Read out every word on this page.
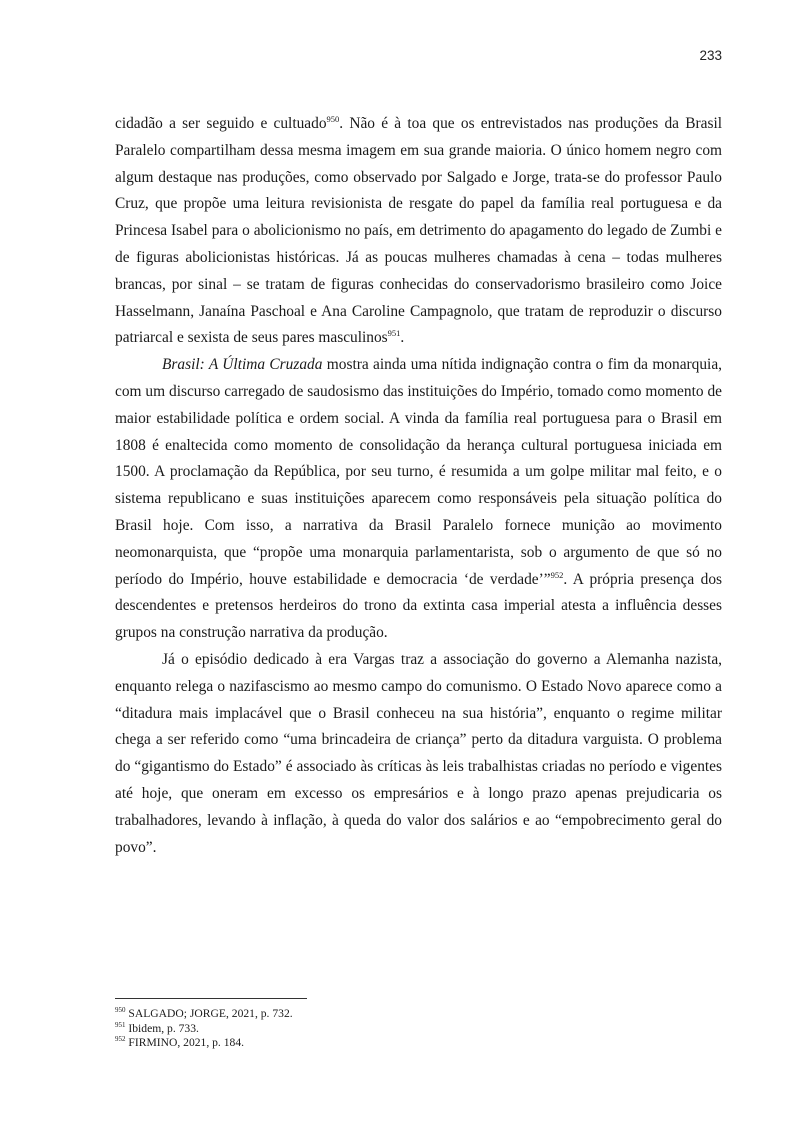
233

cidadão a ser seguido e cultuado$^{950}$. Não é à toa que os entrevistados nas produções da Brasil Paralelo compartilham dessa mesma imagem em sua grande maioria. O único homem negro com algum destaque nas produções, como observado por Salgado e Jorge, trata-se do professor Paulo Cruz, que propõe uma leitura revisionista de resgate do papel da família real portuguesa e da Princesa Isabel para o abolicionismo no país, em detrimento do apagamento do legado de Zumbi e de figuras abolicionistas históricas. Já as poucas mulheres chamadas à cena – todas mulheres brancas, por sinal – se tratam de figuras conhecidas do conservadorismo brasileiro como Joice Hasselmann, Janaína Paschoal e Ana Caroline Campagnolo, que tratam de reproduzir o discurso patriarcal e sexista de seus pares masculinos$^{951}$.

Brasil: A Última Cruzada mostra ainda uma nítida indignação contra o fim da monarquia, com um discurso carregado de saudosismo das instituições do Império, tomado como momento de maior estabilidade política e ordem social. A vinda da família real portuguesa para o Brasil em 1808 é enaltecida como momento de consolidação da herança cultural portuguesa iniciada em 1500. A proclamação da República, por seu turno, é resumida a um golpe militar mal feito, e o sistema republicano e suas instituições aparecem como responsáveis pela situação política do Brasil hoje. Com isso, a narrativa da Brasil Paralelo fornece munição ao movimento neomonarquista, que “propõe uma monarquia parlamentarista, sob o argumento de que só no período do Império, houve estabilidade e democracia ‘de verdade’”$^{952}$. A própria presença dos descendentes e pretensos herdeiros do trono da extinta casa imperial atesta a influência desses grupos na construção narrativa da produção.

Já o episódio dedicado à era Vargas traz a associação do governo a Alemanha nazista, enquanto relega o nazifascismo ao mesmo campo do comunismo. O Estado Novo aparece como a “ditadura mais implacável que o Brasil conheceu na sua história”, enquanto o regime militar chega a ser referido como “uma brincadeira de criança” perto da ditadura varguista. O problema do “gigantismo do Estado” é associado às críticas às leis trabalhistas criadas no período e vigentes até hoje, que oneram em excesso os empresários e à longo prazo apenas prejudicaria os trabalhadores, levando à inflação, à queda do valor dos salários e ao “empobrecimento geral do povo”.

$^{950}$ SALGADO; JORGE, 2021, p. 732.
$^{951}$ Ibidem, p. 733.
$^{952}$ FIRMINO, 2021, p. 184.
